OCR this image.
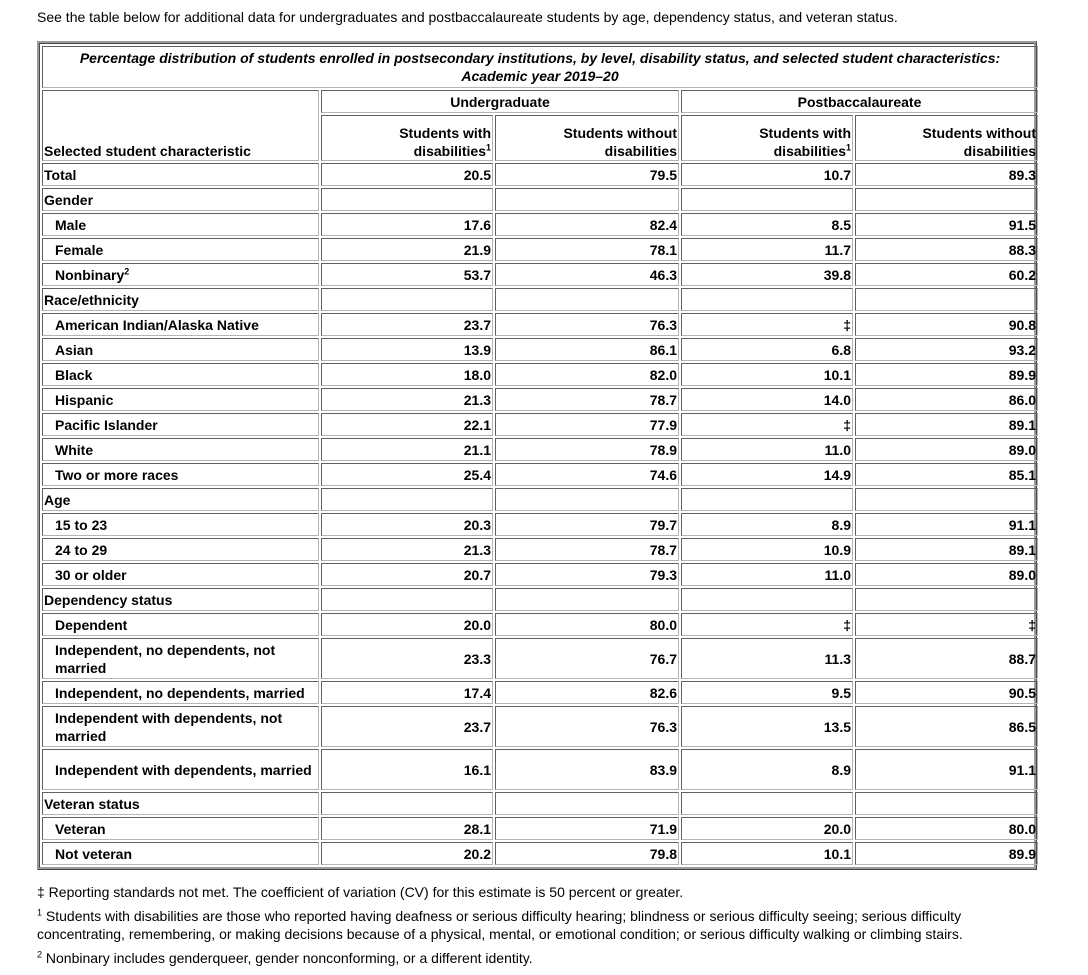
See the table below for additional data for undergraduates and postbaccalaureate students by age, dependency status, and veteran status.

Percentage distribution of students enrolled in postsecondary institutions, by level, disability status, and selected student characteristics: Academic year 2019–20				
Selected student characteristic	Undergraduate		Postbaccalaureate	
	Students with disabilities$^1$	Students without disabilities	Students with disabilities$^1$	Students without disabilities
Total	20.5	79.5	10.7	89.3
Gender				
Male	17.6	82.4	8.5	91.5
Female	21.9	78.1	11.7	88.3
Nonbinary$^2$	53.7	46.3	39.8	60.2
Race/ethnicity				
American Indian/Alaska Native	23.7	76.3	‡	90.8
Asian	13.9	86.1	6.8	93.2
Black	18.0	82.0	10.1	89.9
Hispanic	21.3	78.7	14.0	86.0
Pacific Islander	22.1	77.9	‡	89.1
White	21.1	78.9	11.0	89.0
Two or more races	25.4	74.6	14.9	85.1
Age				
15 to 23	20.3	79.7	8.9	91.1
24 to 29	21.3	78.7	10.9	89.1
30 or older	20.7	79.3	11.0	89.0
Dependency status				
Dependent	20.0	80.0	‡	‡
Independent, no dependents, not married	23.3	76.7	11.3	88.7
Independent, no dependents, married	17.4	82.6	9.5	90.5
Independent with dependents, not married	23.7	76.3	13.5	86.5
Independent with dependents, married	16.1	83.9	8.9	91.1
Veteran status				
Veteran	28.1	71.9	20.0	80.0
Not veteran	20.2	79.8	10.1	89.9

‡ Reporting standards not met. The coefficient of variation (CV) for this estimate is 50 percent or greater.

$^1$ Students with disabilities are those who reported having deafness or serious difficulty hearing; blindness or serious difficulty seeing; serious difficulty concentrating, remembering, or making decisions because of a physical, mental, or emotional condition; or serious difficulty walking or climbing stairs.

$^2$ Nonbinary includes genderqueer, gender nonconforming, or a different identity.
